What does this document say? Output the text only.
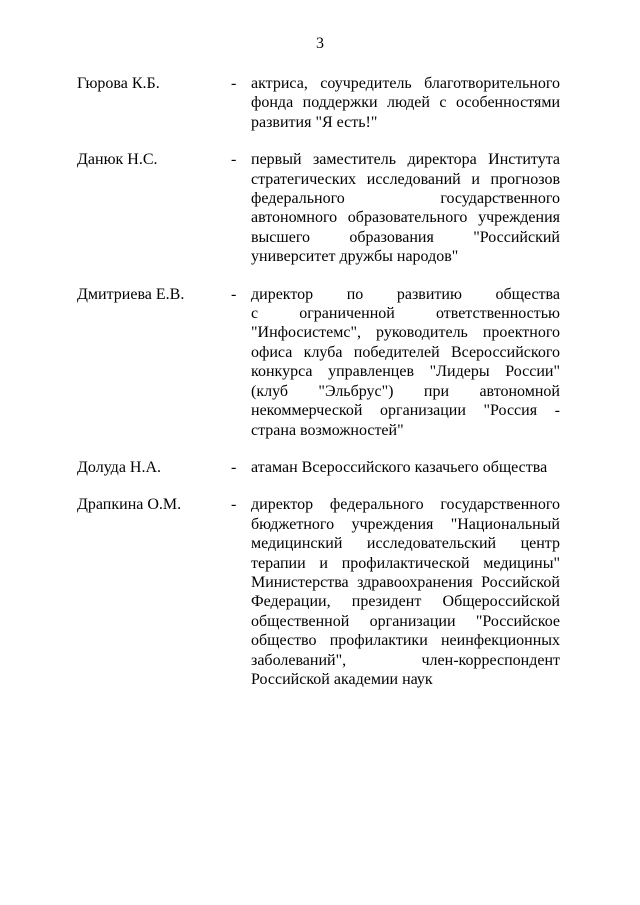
3
Гюрова К.Б.	- актриса, соучредитель благотворительного
фонда поддержки людей с особенностями
развития "Я есть!"
Данюк Н.С.	- первый заместитель директора Института
стратегических исследований и прогнозов
федерального государственного
автономного образовательного учреждения
высшего образования "Российский
университет дружбы народов"
Дмитриева Е.В.	- директор по развитию общества
с ограниченной ответственностью
"Инфосистемс", руководитель проектного
офиса клуба победителей Всероссийского
конкурса управленцев "Лидеры России"
(клуб "Эльбрус") при автономной
некоммерческой организации "Россия -
страна возможностей"
Долуда Н.А.	- атаман Всероссийского казачьего общества
Драпкина О.М.	- директор федерального государственного
бюджетного учреждения "Национальный
медицинский исследовательский центр
терапии и профилактической медицины"
Министерства здравоохранения Российской
Федерации, президент Общероссийской
общественной организации "Российское
общество профилактики неинфекционных
заболеваний", член-корреспондент
Российской академии наук
